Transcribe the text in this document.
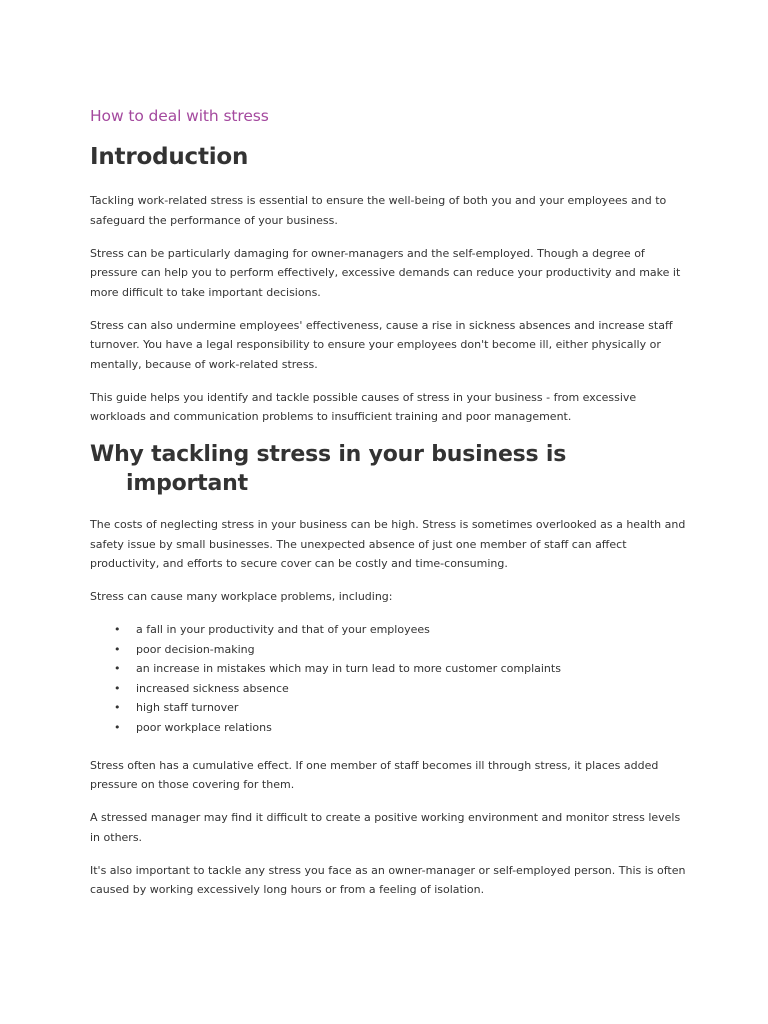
How to deal with stress
Introduction

Tackling work-related stress is essential to ensure the well-being of both you and your employees and to safeguard the performance of your business.

Stress can be particularly damaging for owner-managers and the self-employed. Though a degree of pressure can help you to perform effectively, excessive demands can reduce your productivity and make it more difficult to take important decisions.

Stress can also undermine employees' effectiveness, cause a rise in sickness absences and increase staff turnover. You have a legal responsibility to ensure your employees don't become ill, either physically or mentally, because of work-related stress.

This guide helps you identify and tackle possible causes of stress in your business - from excessive workloads and communication problems to insufficient training and poor management.

Why tackling stress in your business is
important

The costs of neglecting stress in your business can be high. Stress is sometimes overlooked as a health and safety issue by small businesses. The unexpected absence of just one member of staff can affect productivity, and efforts to secure cover can be costly and time-consuming.

Stress can cause many workplace problems, including:

• a fall in your productivity and that of your employees
• poor decision-making
• an increase in mistakes which may in turn lead to more customer complaints
• increased sickness absence
• high staff turnover
• poor workplace relations

Stress often has a cumulative effect. If one member of staff becomes ill through stress, it places added pressure on those covering for them.

A stressed manager may find it difficult to create a positive working environment and monitor stress levels in others.

It's also important to tackle any stress you face as an owner-manager or self-employed person. This is often caused by working excessively long hours or from a feeling of isolation.
